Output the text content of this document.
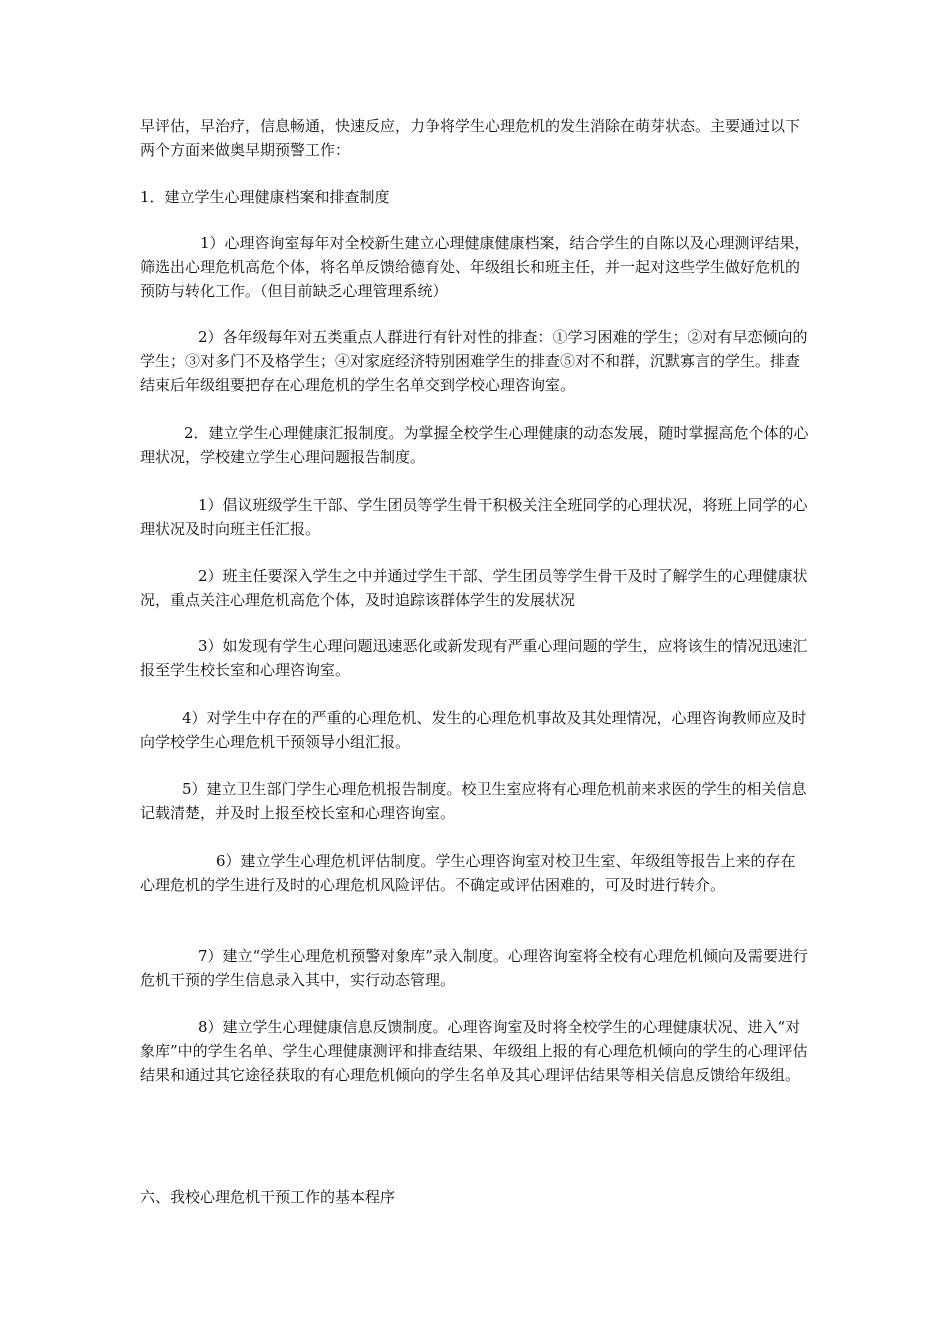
早评估，早治疗，信息畅通，快速反应，力争将学生心理危机的发生消除在萌芽状态。主要通过以下两个方面来做奥早期预警工作：

1．建立学生心理健康档案和排查制度

1）心理咨询室每年对全校新生建立心理健康健康档案，结合学生的自陈以及心理测评结果，筛选出心理危机高危个体，将名单反馈给德育处、年级组长和班主任，并一起对这些学生做好危机的预防与转化工作。（但目前缺乏心理管理系统）

2）各年级每年对五类重点人群进行有针对性的排查：①学习困难的学生；②对有早恋倾向的学生；③对多门不及格学生；④对家庭经济特别困难学生的排查⑤对不和群，沉默寡言的学生。排查结束后年级组要把存在心理危机的学生名单交到学校心理咨询室。

2．建立学生心理健康汇报制度。为掌握全校学生心理健康的动态发展，随时掌握高危个体的心理状况，学校建立学生心理问题报告制度。

1）倡议班级学生干部、学生团员等学生骨干积极关注全班同学的心理状况，将班上同学的心理状况及时向班主任汇报。

2）班主任要深入学生之中并通过学生干部、学生团员等学生骨干及时了解学生的心理健康状况，重点关注心理危机高危个体，及时追踪该群体学生的发展状况

3）如发现有学生心理问题迅速恶化或新发现有严重心理问题的学生，应将该生的情况迅速汇报至学生校长室和心理咨询室。

4）对学生中存在的严重的心理危机、发生的心理危机事故及其处理情况，心理咨询教师应及时向学校学生心理危机干预领导小组汇报。

5）建立卫生部门学生心理危机报告制度。校卫生室应将有心理危机前来求医的学生的相关信息记载清楚，并及时上报至校长室和心理咨询室。

6）建立学生心理危机评估制度。学生心理咨询室对校卫生室、年级组等报告上来的存在心理危机的学生进行及时的心理危机风险评估。不确定或评估困难的，可及时进行转介。

7）建立“学生心理危机预警对象库”录入制度。心理咨询室将全校有心理危机倾向及需要进行危机干预的学生信息录入其中，实行动态管理。

8）建立学生心理健康信息反馈制度。心理咨询室及时将全校学生的心理健康状况、进入“对象库”中的学生名单、学生心理健康测评和排查结果、年级组上报的有心理危机倾向的学生的心理评估结果和通过其它途径获取的有心理危机倾向的学生名单及其心理评估结果等相关信息反馈给年级组。

六、我校心理危机干预工作的基本程序
